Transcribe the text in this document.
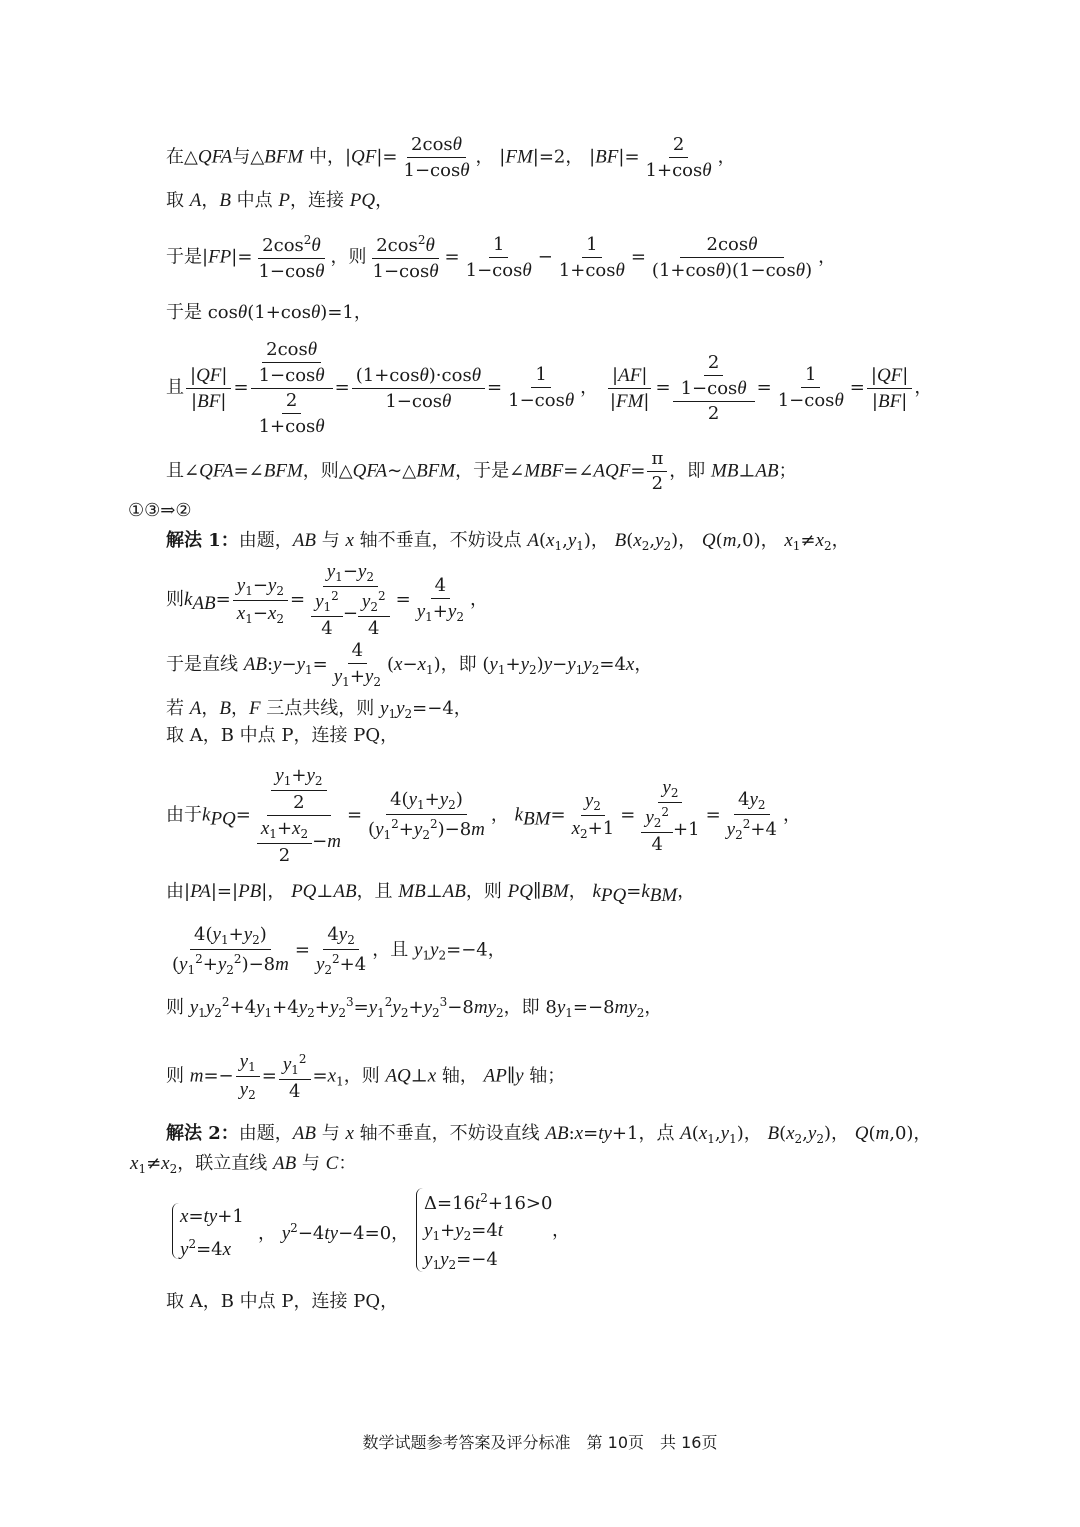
在△QFA与△BFM 中，$|QF|= \frac{2\cos\theta}{1-\cos\theta}$ ， |FM|=2， $|BF|= \frac{2}{1+\cos\theta}$ ，
取 A，B 中点 P，连接 PQ，
于是$|FP|= \frac{2\cos^2\theta}{1-\cos\theta}$ ，则 $\frac{2\cos^2\theta}{1-\cos\theta} = \frac{1}{1-\cos\theta} - \frac{1}{1+\cos\theta} = \frac{2\cos\theta}{(1+\cos\theta)(1-\cos\theta)}$ ，
于是 cosθ(1+cosθ)=1，
且 $\frac{|QF|}{|BF|} = \frac{\frac{2\cos\theta}{1-\cos\theta}}{\frac{2}{1+\cos\theta}} = \frac{(1+\cos\theta)\cdot\cos\theta}{1-\cos\theta} = \frac{1}{1-\cos\theta}$ ， $\frac{|AF|}{|FM|} = \frac{\frac{2}{1-\cos\theta}}{2} = \frac{1}{1-\cos\theta} = \frac{|QF|}{|BF|}$ ，
且∠QFA=∠BFM，则△QFA∼△BFM，于是∠MBF=∠AQF= $\frac{\pi}{2}$ ，即 MB⊥AB；
①③⇒②
解法 1：由题，AB 与 x 轴不垂直，不妨设点 $A(x_1,y_1)$， $B(x_2,y_2)$， Q(m,0)， $x_1\ne x_2$，
则$k_{AB}= \frac{y_1-y_2}{x_1-x_2} = \frac{y_1-y_2}{\frac{y_1^2}{4} - \frac{y_2^2}{4}} = \frac{4}{y_1+y_2}$ ，
于是直线 $AB:y-y_1= \frac{4}{y_1+y_2} (x-x_1)$，即 $(y_1+y_2)y-y_1y_2=4x$，
若 A，B，F 三点共线，则 $y_1y_2=-4$，
取 A，B 中点 P，连接 PQ，
由于$k_{PQ}= \frac{\frac{y_1+y_2}{2}}{\frac{x_1+x_2}{2} -m} = \frac{4(y_1+y_2)}{(y_1^2+y_2^2)-8m}$ ， $k_{BM}= \frac{y_2}{x_2+1} = \frac{y_2}{\frac{y_2^2}{4} +1} = \frac{4y_2}{y_2^2+4}$ ，
由|PA|=|PB|， PQ⊥AB，且 MB⊥AB，则 PQ∥BM， $k_{PQ}=k_{BM}$，
$\frac{4(y_1+y_2)}{(y_1^2+y_2^2)-8m} = \frac{4y_2}{y_2^2+4}$ ，且 $y_1y_2=-4$，
则 $y_1y_2^2+4y_1+4y_2+y_2^3=y_1^2y_2+y_2^3-8my_2$，即 $8y_1=-8my_2$，
则 $m=- \frac{y_1}{y_2} = \frac{y_1^2}{4} =x_1$，则 AQ⊥x 轴， AP∥y 轴；
解法 2：由题，AB 与 x 轴不垂直，不妨设直线 AB:x=ty+1，点 $A(x_1,y_1)$， $B(x_2,y_2)$， Q(m,0)，
$x_1\ne x_2$，联立直线 AB 与 C：
x=ty+1
$y^2=4x$
， $y^2-4ty-4=0$，
$\Delta=16t^2+16>0$
$y_1+y_2=4t$
$y_1y_2=-4$
，
取 A，B 中点 P，连接 PQ，
数学试题参考答案及评分标准　第 10页　共 16页
